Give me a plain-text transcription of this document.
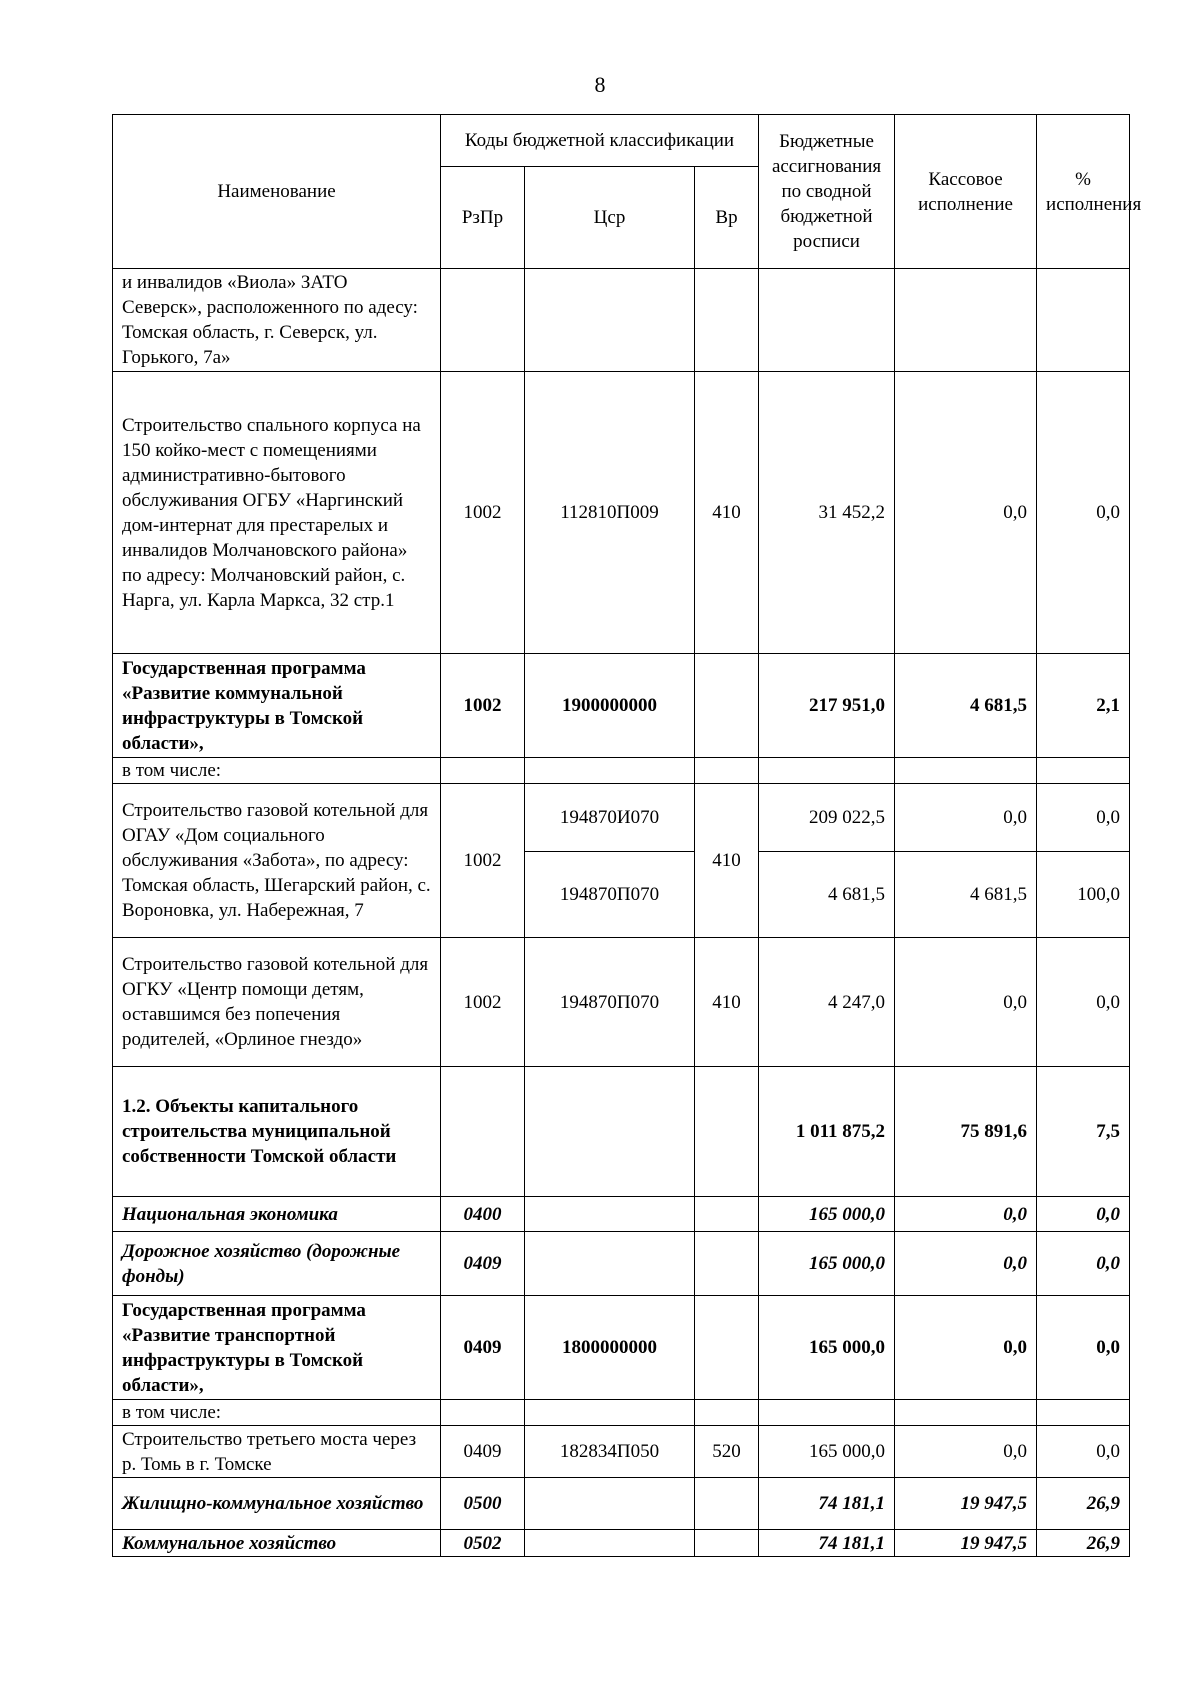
8
Наименование	Коды бюджетной классификации			Бюджетные ассигнования по сводной бюджетной росписи	Кассовое исполнение	% исполнения
	РзПр	Цср	Вр			
и инвалидов «Виола» ЗАТО Северск», расположенного по адесу: Томская область, г. Северск, ул. Горького, 7а»						
Строительство спального корпуса на 150 койко-мест с помещениями административно-бытового обслуживания ОГБУ «Наргинский дом-интернат для престарелых и инвалидов Молчановского района» по адресу: Молчановский район, с. Нарга, ул. Карла Маркса, 32 стр.1	1002	112810П009	410	31 452,2	0,0	0,0
Государственная программа «Развитие коммунальной инфраструктуры в Томской области»,	1002	1900000000		217 951,0	4 681,5	2,1
в том числе:						
Строительство газовой котельной для ОГАУ «Дом социального обслуживания «Забота», по адресу: Томская область, Шегарский район, с. Вороновка, ул. Набережная, 7	1002	194870И070	410	209 022,5	0,0	0,0
		194870П070		4 681,5	4 681,5	100,0
Строительство газовой котельной для ОГКУ «Центр помощи детям, оставшимся без попечения родителей, «Орлиное гнездо»	1002	194870П070	410	4 247,0	0,0	0,0
1.2. Объекты капитального строительства муниципальной собственности Томской области				1 011 875,2	75 891,6	7,5
Национальная экономика	0400			165 000,0	0,0	0,0
Дорожное хозяйство (дорожные фонды)	0409			165 000,0	0,0	0,0
Государственная программа «Развитие транспортной инфраструктуры в Томской области»,	0409	1800000000		165 000,0	0,0	0,0
в том числе:						
Строительство третьего моста через р. Томь в г. Томске	0409	182834П050	520	165 000,0	0,0	0,0
Жилищно-коммунальное хозяйство	0500			74 181,1	19 947,5	26,9
Коммунальное хозяйство	0502			74 181,1	19 947,5	26,9
